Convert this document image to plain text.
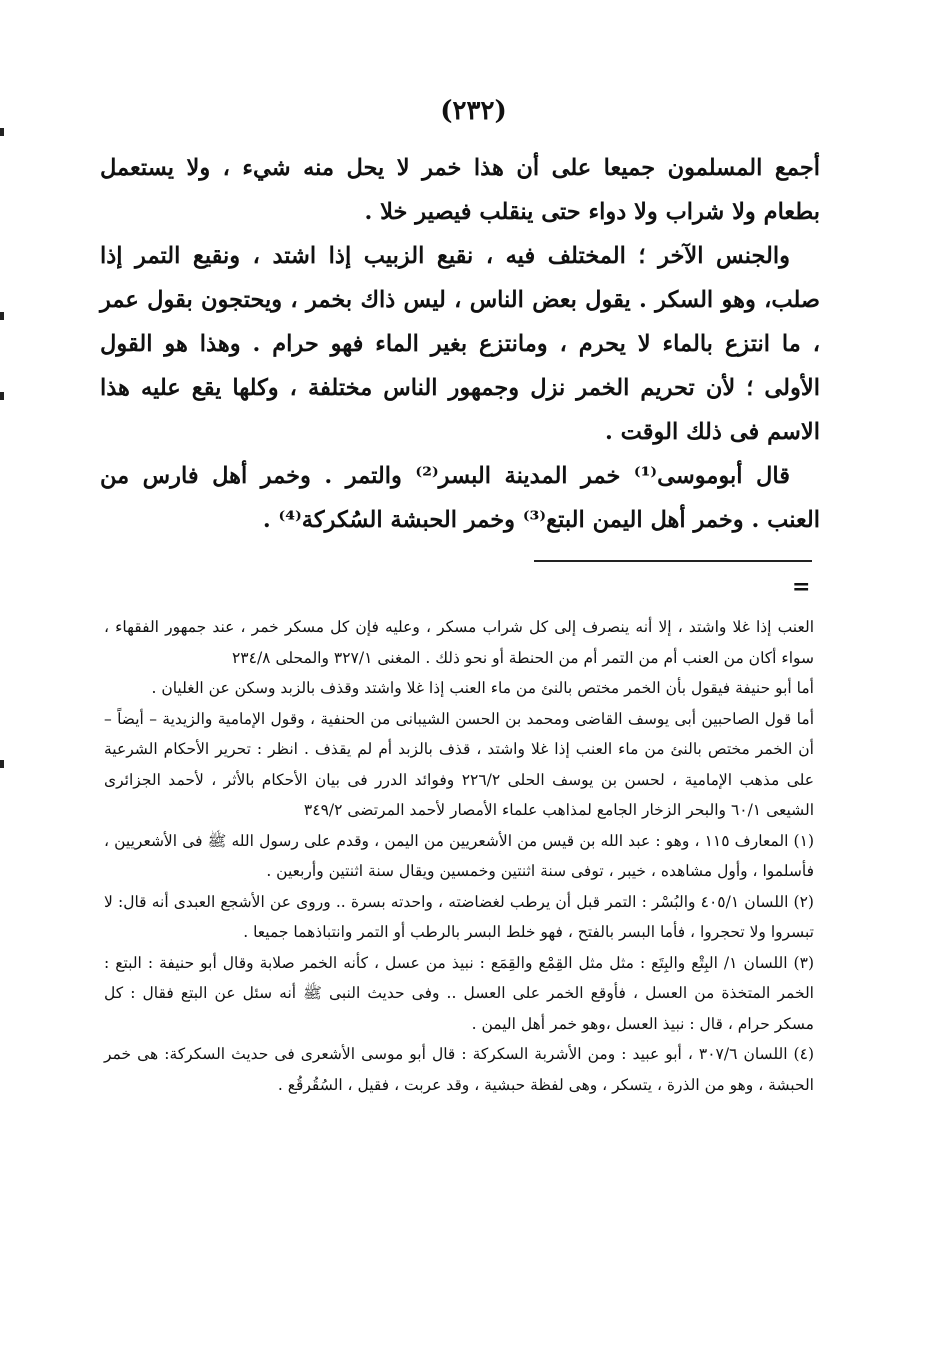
(٢٣٢)

أجمع المسلمون جميعا على أن هذا خمر لا يحل منه شيء ، ولا يستعمل بطعام ولا شراب ولا دواء حتى ينقلب فيصير خلا .

والجنس الآخر ؛ المختلف فيه ، نقيع الزبيب إذا اشتد ، ونقيع التمر إذا صلب، وهو السكر . يقول بعض الناس ، ليس ذاك بخمر ، ويحتجون بقول عمر ، ما انتزع بالماء لا يحرم ، ومانتزع بغير الماء فهو حرام . وهذا هو القول الأولى ؛ لأن تحريم الخمر نزل وجمهور الناس مختلفة ، وكلها يقع عليه هذا الاسم فى ذلك الوقت .

قال أبوموسى⁽¹⁾ خمر المدينة البسر⁽²⁾ والتمر . وخمر أهل فارس من العنب . وخمر أهل اليمن البتع⁽³⁾ وخمر الحبشة السُكركة⁽⁴⁾ .

=

العنب إذا غلا واشتد ، إلا أنه ينصرف إلى كل شراب مسكر ، وعليه فإن كل مسكر خمر ، عند جمهور الفقهاء ، سواء أكان من العنب أم من التمر أم من الحنطة أو نحو ذلك . المغنى ٣٢٧/١ والمحلى ٢٣٤/٨

أما أبو حنيفة فيقول بأن الخمر مختص بالنئ من ماء العنب إذا غلا واشتد وقذف بالزبد وسكن عن الغليان .

أما قول الصاحبين أبى يوسف القاضى ومحمد بن الحسن الشيبانى من الحنفية ، وقول الإمامية والزيدية – أيضاً – أن الخمر مختص بالنئ من ماء العنب إذا غلا واشتد ، قذف بالزبد أم لم يقذف . انظر : تحرير الأحكام الشرعية على مذهب الإمامية ، لحسن بن يوسف الحلى ٢٢٦/٢ وفوائد الدرر فى بيان الأحكام بالأثر ، لأحمد الجزائرى الشيعى ٦٠/١ والبحر الزخار الجامع لمذاهب علماء الأمصار لأحمد المرتضى ٣٤٩/٢

(١) المعارف ١١٥ ، وهو : عبد الله بن قيس من الأشعريين من اليمن ، وقدم على رسول الله ﷺ فى الأشعريين ، فأسلموا ، وأول مشاهده ، خيبر ، توفى سنة اثنتين وخمسين ويقال سنة اثنتين وأربعين .

(٢) اللسان ٤٠٥/١ والبُسْر : التمر قبل أن يرطب لغضاضته ، واحدته بسرة .. وروى عن الأشجع العبدى أنه قال: لا تبسروا ولا تحجروا ، فأما البسر بالفتح ، فهو خلط البسر بالرطب أو التمر وانتباذهما جميعا .

(٣) اللسان ١/ البِتْع والبِتَع : مثل مثل القِمْع والقِمَع : نبيذ من عسل ، كأنه الخمر صلابة وقال أبو حنيفة : البتع : الخمر المتخذة من العسل ، فأوقع الخمر على العسل .. وفى حديث النبى ﷺ أنه سئل عن البتع فقال : كل مسكر حرام ، قال : نبيذ العسل ،وهو خمر أهل اليمن .

(٤) اللسان ٣٠٧/٦ ، أبو عبيد : ومن الأشربة السكركة : قال أبو موسى الأشعرى فى حديث السكركة: هى خمر الحبشة ، وهو من الذرة ، يتسكر ، وهى لفظة حبشية ، وقد عربت ، فقيل ، السُقُرقُع .
